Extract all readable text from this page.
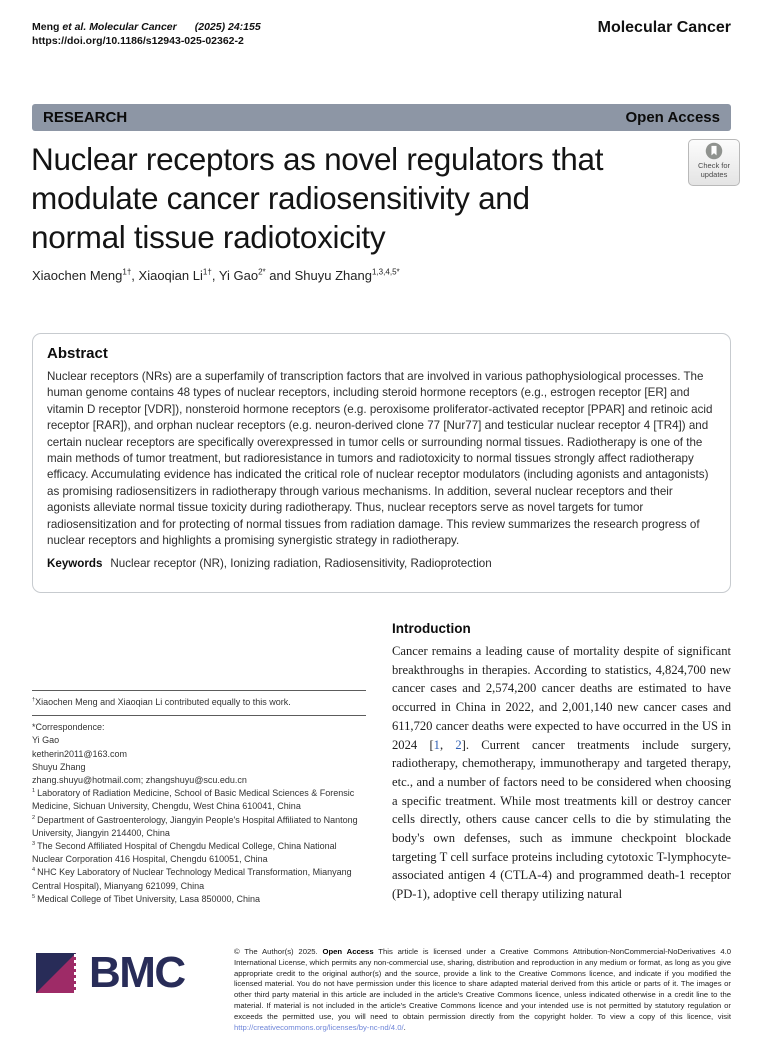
Meng et al. Molecular Cancer (2025) 24:155
https://doi.org/10.1186/s12943-025-02362-2
Molecular Cancer
RESEARCH	Open Access
Check for
updates
Nuclear receptors as novel regulators that modulate cancer radiosensitivity and normal tissue radiotoxicity
Xiaochen Meng$^{1\dagger}$, Xiaoqian $Li^{1\dagger}$, Yi Gao$^{2*}$ and Shuyu Zhang$^{1,3,4,5*}$
Abstract

Nuclear receptors (NRs) are a superfamily of transcription factors that are involved in various pathophysiological processes. The human genome contains 48 types of nuclear receptors, including steroid hormone receptors (e.g., estrogen receptor [ER] and vitamin D receptor [VDR]), nonsteroid hormone receptors (e.g. peroxisome proliferator-activated receptor [PPAR] and retinoic acid receptor [RAR]), and orphan nuclear receptors (e.g. neuron-derived clone 77 [Nur77] and testicular nuclear receptor 4 [TR4]) and certain nuclear receptors are specifically overexpressed in tumor cells or surrounding normal tissues. Radiotherapy is one of the main methods of tumor treatment, but radioresistance in tumors and radiotoxicity to normal tissues strongly affect radiotherapy efficacy. Accumulating evidence has indicated the critical role of nuclear receptor modulators (including agonists and antagonists) as promising radiosensitizers in radiotherapy through various mechanisms. In addition, several nuclear receptors and their agonists alleviate normal tissue toxicity during radiotherapy. Thus, nuclear receptors serve as novel targets for tumor radiosensitization and for protecting of normal tissues from radiation damage. This review summarizes the research progress of nuclear receptors and highlights a promising synergistic strategy in radiotherapy.

Keywords Nuclear receptor (NR), Ionizing radiation, Radiosensitivity, Radioprotection
†Xiaochen Meng and Xiaoqian Li contributed equally to this work.
*Correspondence:
Yi Gao
ketherin2011@163.com
Shuyu Zhang
zhang.shuyu@hotmail.com; zhangshuyu@scu.edu.cn

$^1$ Laboratory of Radiation Medicine, School of Basic Medical Sciences & Forensic Medicine, Sichuan University, Chengdu, West China 610041, China

$^2$ Department of Gastroenterology, Jiangyin People's Hospital Affiliated to Nantong University, Jiangyin 214400, China

$^3$ The Second Affiliated Hospital of Chengdu Medical College, China National Nuclear Corporation 416 Hospital, Chengdu 610051, China

$^4$ NHC Key Laboratory of Nuclear Technology Medical Transformation, Mianyang Central Hospital), Mianyang 621099, China

$^5$ Medical College of Tibet University, Lasa 850000, China

Introduction

Cancer remains a leading cause of mortality despite of significant breakthroughs in therapies. According to statistics, 4,824,700 new cancer cases and 2,574,200 cancer deaths are estimated to have occurred in China in 2022, and 2,001,140 new cancer cases and 611,720 cancer deaths were expected to have occurred in the US in 2024 [1, 2]. Current cancer treatments include surgery, radiotherapy, chemotherapy, immunotherapy and targeted therapy, etc., and a number of factors need to be considered when choosing a specific treatment. While most treatments kill or destroy cancer cells directly, others cause cancer cells to die by stimulating the body's own defenses, such as immune checkpoint blockade targeting T cell surface proteins including cytotoxic T-lymphocyte-associated antigen 4 (CTLA-4) and programmed death-1 receptor (PD-1), adoptive cell therapy utilizing natural

BMC	© The Author(s) 2025. Open Access This article is licensed under a Creative Commons Attribution-NonCommercial-NoDerivatives 4.0 International License, which permits any non-commercial use, sharing, distribution and reproduction in any medium or format, as long as you give appropriate credit to the original author(s) and the source, provide a link to the Creative Commons licence, and indicate if you modified the licensed material. You do not have permission under this licence to share adapted material derived from this article or parts of it. The images or other third party material in this article are included in the article's Creative Commons licence, unless indicated otherwise in a credit line to the material. If material is not included in the article's Creative Commons licence and your intended use is not permitted by statutory regulation or exceeds the permitted use, you will need to obtain permission directly from the copyright holder. To view a copy of this licence, visit http://creativecommons.org/licenses/by-nc-nd/4.0/.
